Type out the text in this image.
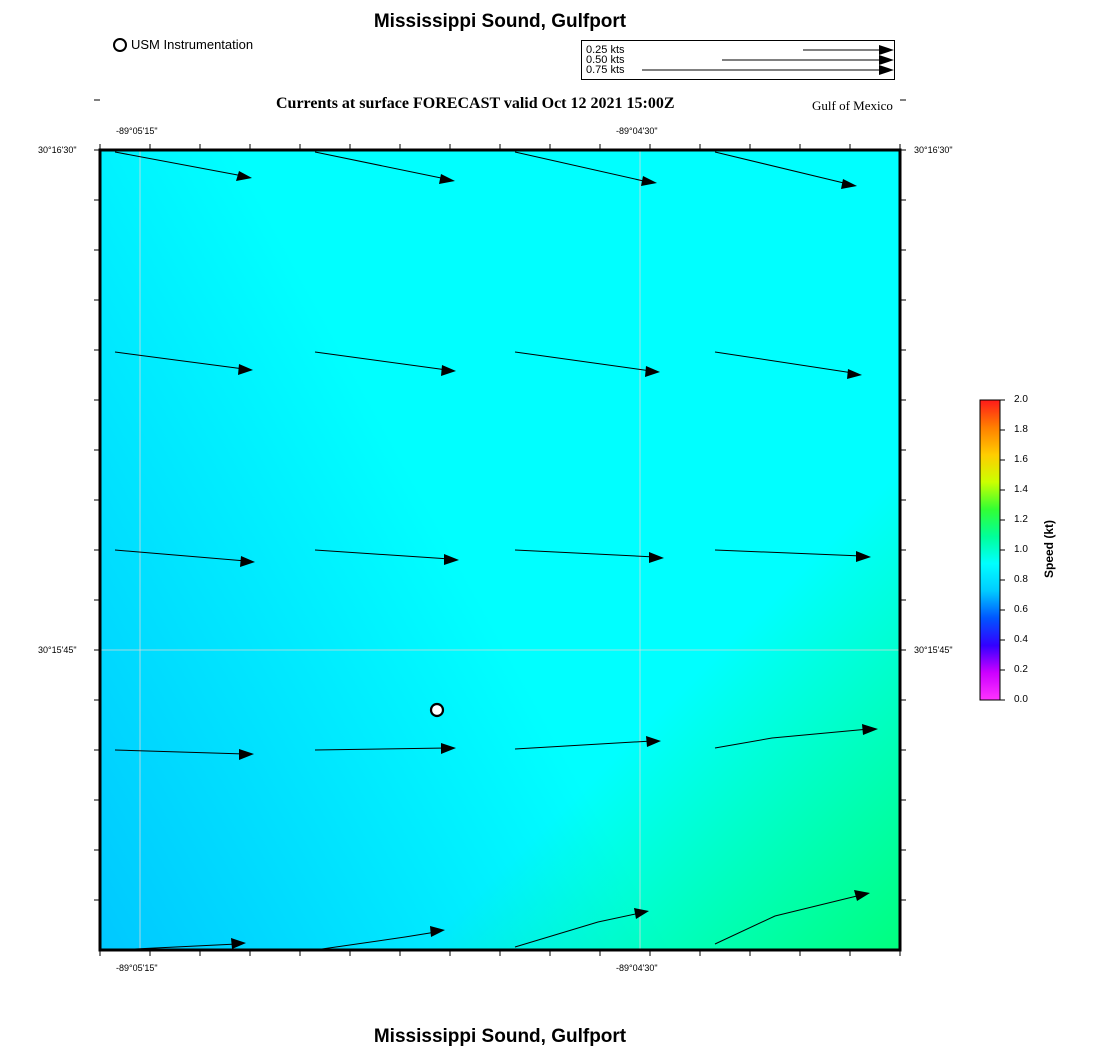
Mississippi Sound, Gulfport
USM Instrumentation	0.25 kts
0.50 kts
0.75 kts
Currents at surface FORECAST valid Oct 12 2021 15:00Z	Gulf of Mexico
-89°05'15"	-89°04'30"
-89°05'15"	-89°04'30"
30°16'30"
30°15'45"
30°16'30"
30°15'45"
2.0
1.8
1.6
1.4
1.2
1.0
0.8
0.6
0.4
0.2
0.0
Speed (kt)
Mississippi Sound, Gulfport
